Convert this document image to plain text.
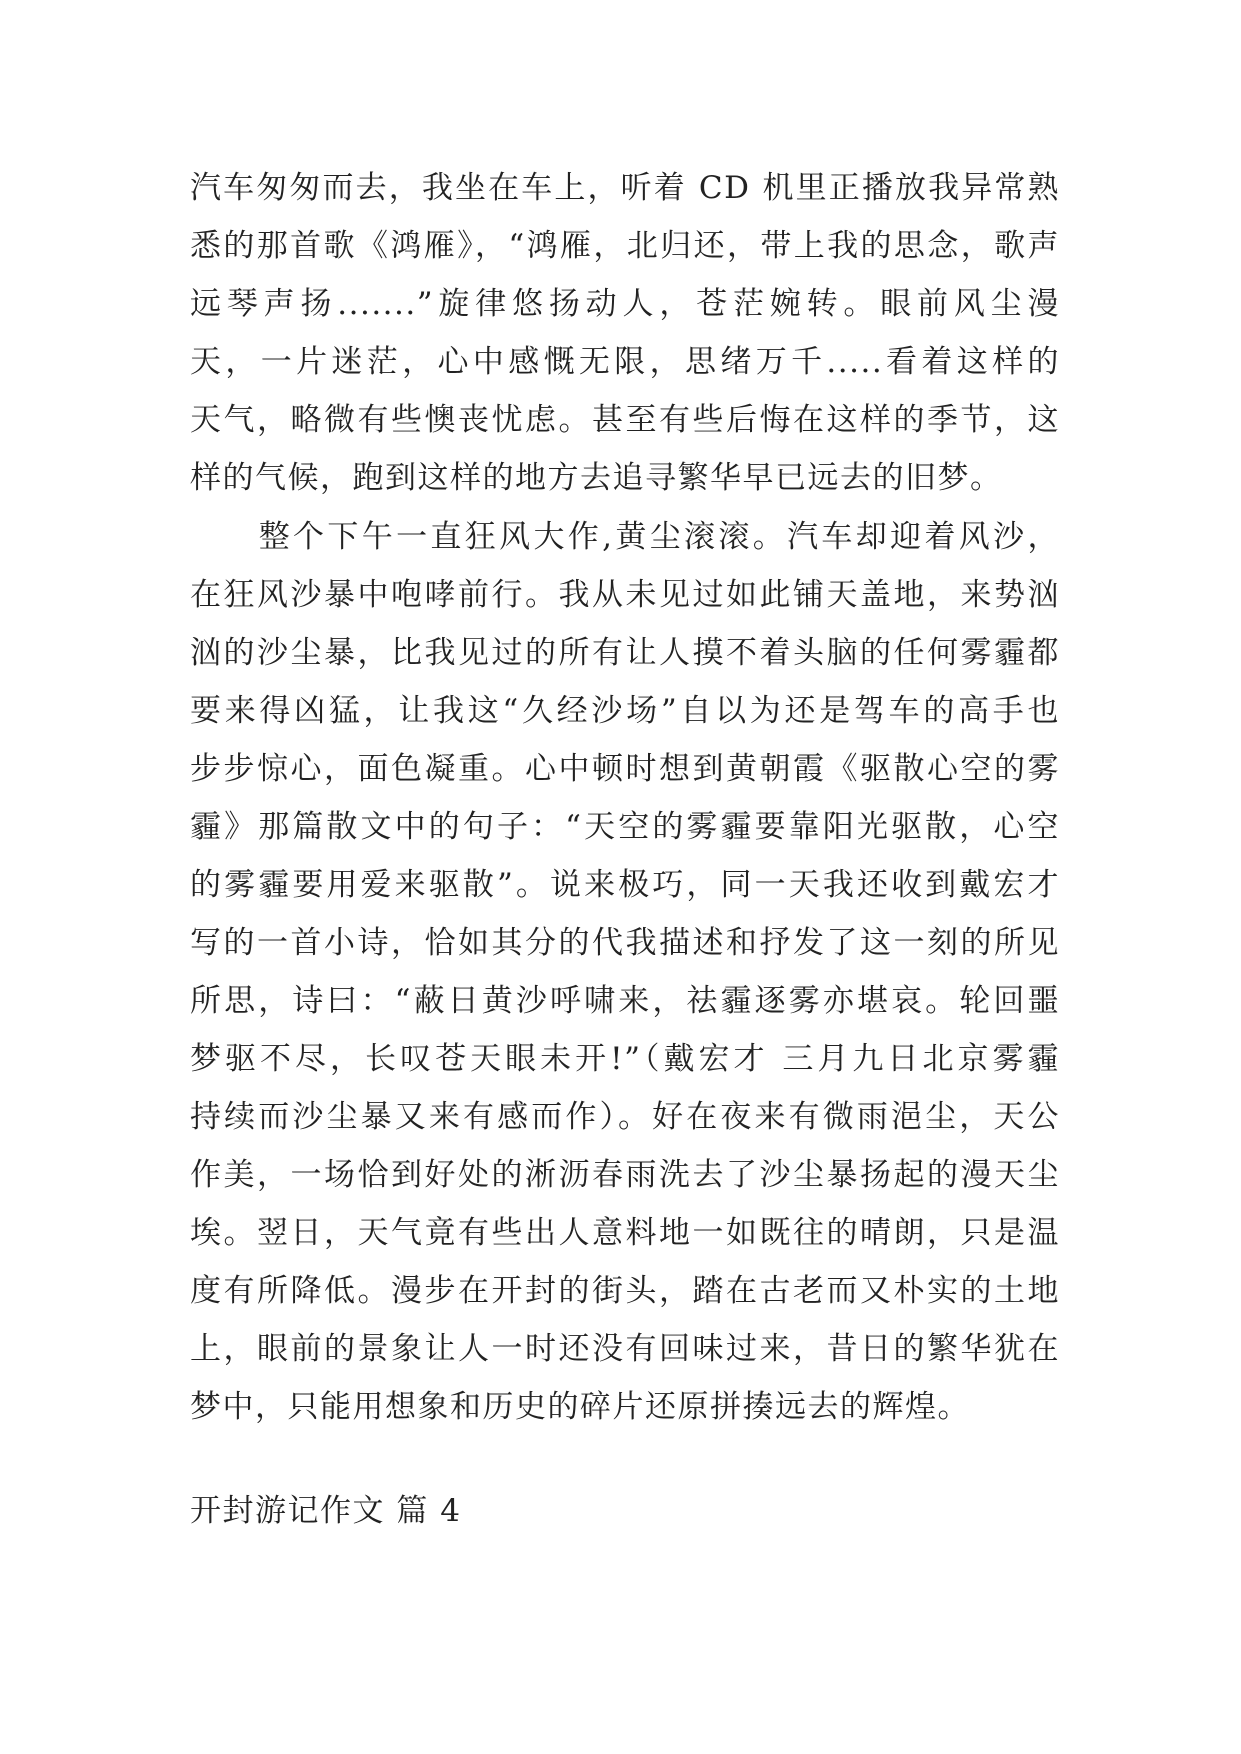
汽车匆匆而去，我坐在车上，听着 CD 机里正播放我异常熟
悉的那首歌《鸿雁》，“鸿雁，北归还，带上我的思念，歌声
远琴声扬.......”旋律悠扬动人，苍茫婉转。眼前风尘漫
天，一片迷茫，心中感慨无限，思绪万千.....看着这样的
天气，略微有些懊丧忧虑。甚至有些后悔在这样的季节，这
样的气候，跑到这样的地方去追寻繁华早已远去的旧梦。
　　整个下午一直狂风大作,黄尘滚滚。汽车却迎着风沙，
在狂风沙暴中咆哮前行。我从未见过如此铺天盖地，来势汹
汹的沙尘暴，比我见过的所有让人摸不着头脑的任何雾霾都
要来得凶猛，让我这“久经沙场”自以为还是驾车的高手也
步步惊心，面色凝重。心中顿时想到黄朝霞《驱散心空的雾
霾》那篇散文中的句子：“天空的雾霾要靠阳光驱散，心空
的雾霾要用爱来驱散”。说来极巧，同一天我还收到戴宏才
写的一首小诗，恰如其分的代我描述和抒发了这一刻的所见
所思，诗曰：“蔽日黄沙呼啸来，祛霾逐雾亦堪哀。轮回噩
梦驱不尽，长叹苍天眼未开!”（戴宏才 三月九日北京雾霾
持续而沙尘暴又来有感而作）。好在夜来有微雨浥尘，天公
作美，一场恰到好处的淅沥春雨洗去了沙尘暴扬起的漫天尘
埃。翌日，天气竟有些出人意料地一如既往的晴朗，只是温
度有所降低。漫步在开封的街头，踏在古老而又朴实的土地
上，眼前的景象让人一时还没有回味过来，昔日的繁华犹在
梦中，只能用想象和历史的碎片还原拼揍远去的辉煌。
开封游记作文 篇 4
